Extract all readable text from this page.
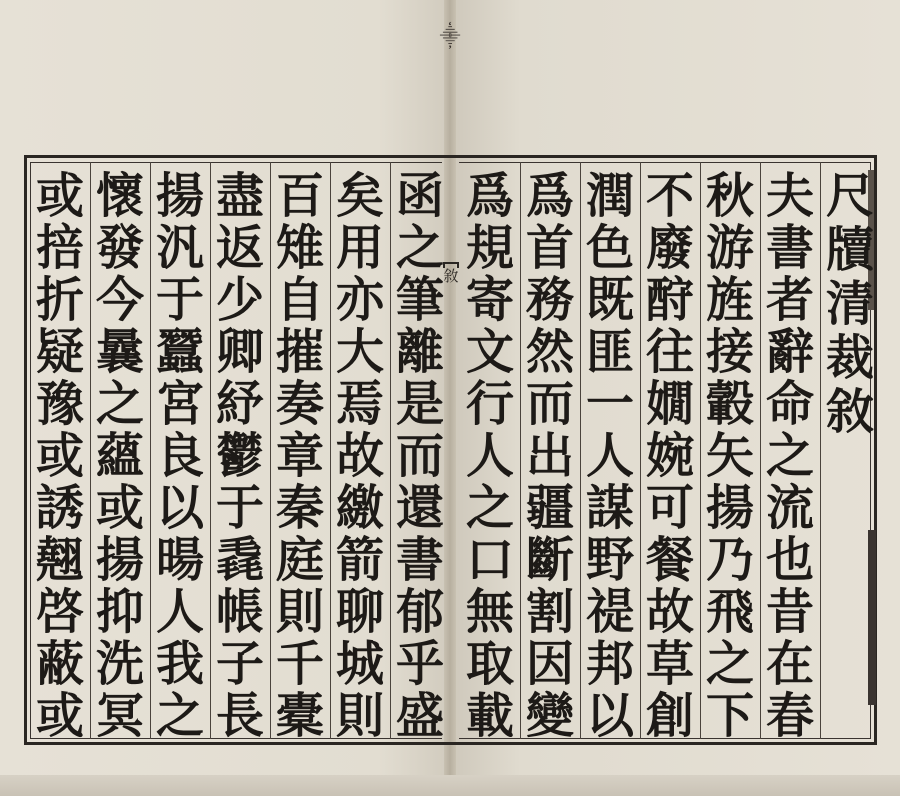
⸎
敘
尺
牘
清
裁
敘
夫
書
者
辭
命
之
流
也
昔
在
春
秋
游
旌
接
轂
矢
揚
乃
飛
之
下
不
廢
酧
往
嫺
婉
可
餐
故
草
創
潤
色
既
匪
一
人
謀
野
禔
邦
以
爲
首
務
然
而
出
疆
斷
割
因
變
爲
規
寄
文
行
人
之
口
無
取
載
函
之
筆
離
是
而
還
書
郁
乎
盛
矣
用
亦
大
焉
故
繳
箭
聊
城
則
百
雉
自
摧
奏
章
秦
庭
則
千
橐
盡
返
少
卿
紓
鬱
于
毳
帳
子
長
揚
汎
于
蠶
宮
良
以
暘
人
我
之
懷
發
今
曩
之
蘊
或
揚
抑
洗
冥
或
掊
折
疑
豫
或
誘
翹
啓
蔽
或
